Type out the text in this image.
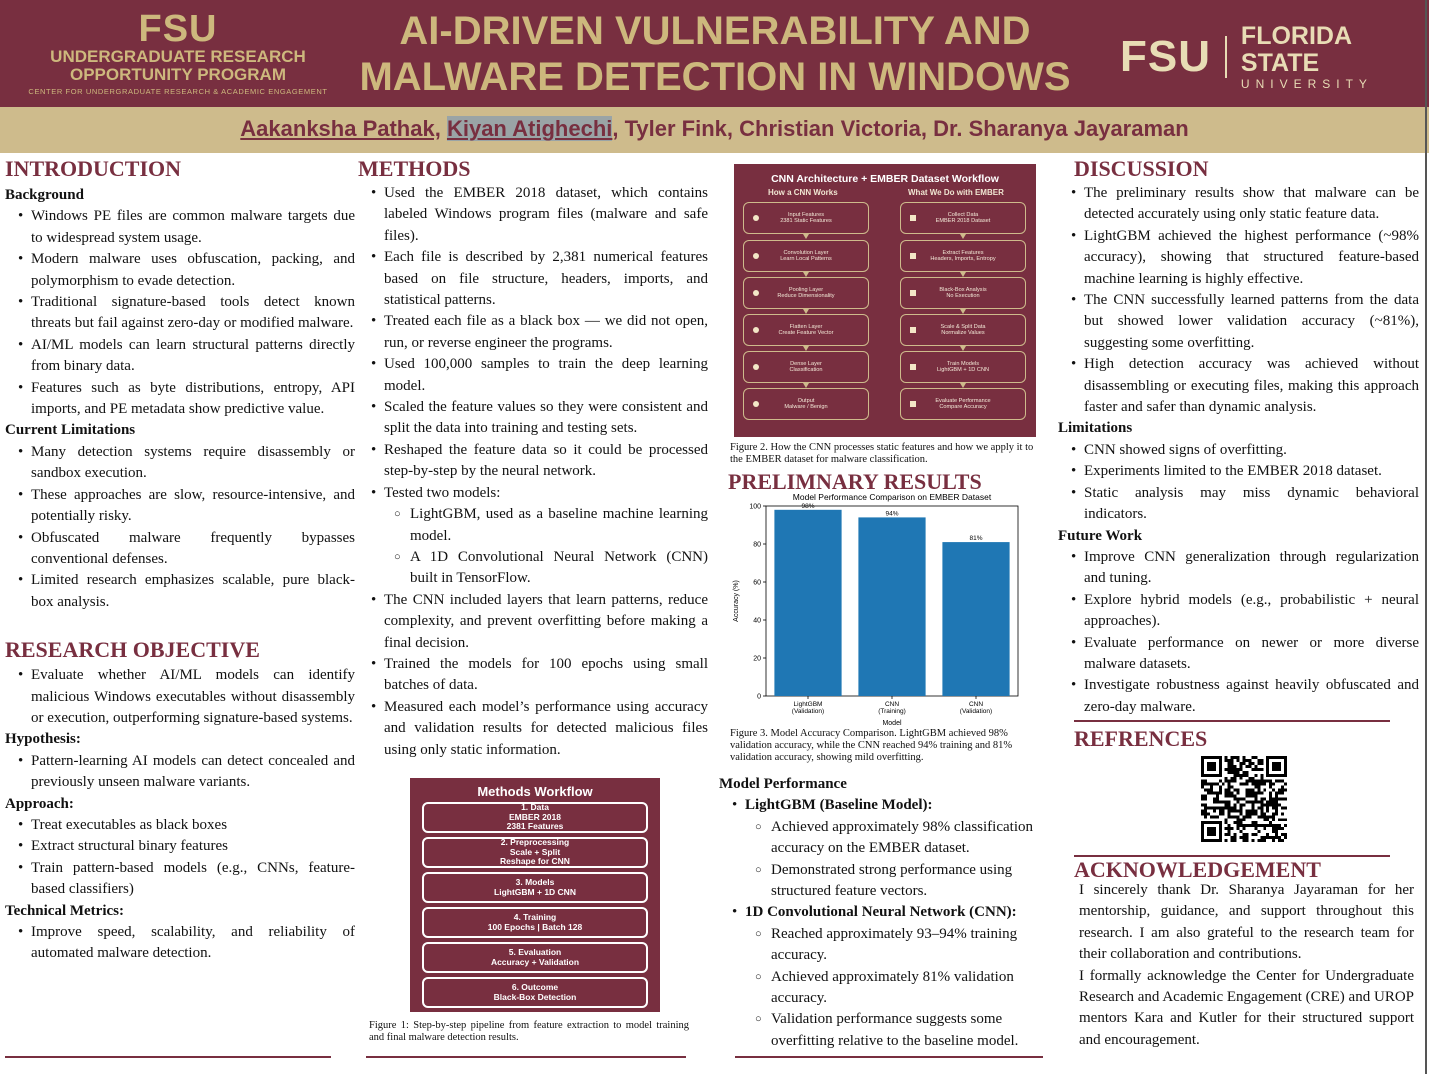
FSU
UNDERGRADUATE RESEARCH
OPPORTUNITY PROGRAM
CENTER FOR UNDERGRADUATE RESEARCH & ACADEMIC ENGAGEMENT
AI-DRIVEN VULNERABILITY AND
MALWARE DETECTION IN WINDOWS	FSU FLORIDA STATE
UNIVERSITY
Aakanksha Pathak, Kiyan Atighechi, Tyler Fink, Christian Victoria, Dr. Sharanya Jayaraman
INTRODUCTION
Background
• Windows PE files are common malware targets due to widespread system usage.
• Modern malware uses obfuscation, packing, and polymorphism to evade detection.
• Traditional signature-based tools detect known threats but fail against zero-day or modified malware.
• AI/ML models can learn structural patterns directly from binary data.
• Features such as byte distributions, entropy, API imports, and PE metadata show predictive value.
Current Limitations
• Many detection systems require disassembly or sandbox execution.
• These approaches are slow, resource-intensive, and potentially risky.
• Obfuscated malware frequently bypasses conventional defenses.
• Limited research emphasizes scalable, pure black-box analysis.
RESEARCH OBJECTIVE
• Evaluate whether AI/ML models can identify malicious Windows executables without disassembly or execution, outperforming signature-based systems.
Hypothesis:
• Pattern-learning AI models can detect concealed and previously unseen malware variants.
Approach:
• Treat executables as black boxes
• Extract structural binary features
• Train pattern-based models (e.g., CNNs, feature-based classifiers)
Technical Metrics:
• Improve speed, scalability, and reliability of automated malware detection.
METHODS
• Used the EMBER 2018 dataset, which contains labeled Windows program files (malware and safe files).
• Each file is described by 2,381 numerical features based on file structure, headers, imports, and statistical patterns.
• Treated each file as a black box — we did not open, run, or reverse engineer the programs.
• Used 100,000 samples to train the deep learning model.
• Scaled the feature values so they were consistent and split the data into training and testing sets.
• Reshaped the feature data so it could be processed step-by-step by the neural network.
• Tested two models:
○ LightGBM, used as a baseline machine learning model.
○ A 1D Convolutional Neural Network (CNN) built in TensorFlow.
• The CNN included layers that learn patterns, reduce complexity, and prevent overfitting before making a final decision.
• Trained the models for 100 epochs using small batches of data.
• Measured each model’s performance using accuracy and validation results for detected malicious files using only static information.
Methods Workflow
1. Data
EMBER 2018
2381 Features
2. Preprocessing
Scale + Split
Reshape for CNN
3. Models
LightGBM + 1D CNN
4. Training
100 Epochs | Batch 128
5. Evaluation
Accuracy + Validation
6. Outcome
Black-Box Detection
Figure 1: Step-by-step pipeline from feature extraction to model training and final malware detection results.
CNN Architecture + EMBER Dataset Workflow
How a CNN Works	What We Do with EMBER
Input Features
2381 Static Features
Convolution Layer
Learn Local Patterns
Pooling Layer
Reduce Dimensionality
Flatten Layer
Create Feature Vector
Dense Layer
Classification
Output
Malware / Benign
Collect Data
EMBER 2018 Dataset
Extract Features
Headers, Imports, Entropy
Black-Box Analysis
No Execution
Scale & Split Data
Normalize Values
Train Models
LightGBM + 1D CNN
Evaluate Performance
Compare Accuracy
Figure 2. How the CNN processes static features and how we apply it to the EMBER dataset for malware classification.
PRELIMNARY RESULTS
Model Performance Comparison on EMBER Dataset
0
20
40
60
80
100	98%
LightGBM (Validation)
94%
CNN (Training)
81%
CNN (Validation)
Model
Accuracy (%)
Figure 3. Model Accuracy Comparison. LightGBM achieved 98% validation accuracy, while the CNN reached 94% training and 81% validation accuracy, showing mild overfitting.
Model Performance
• LightGBM (Baseline Model):
○ Achieved approximately 98% classification accuracy on the EMBER dataset.
○ Demonstrated strong performance using structured feature vectors.
• 1D Convolutional Neural Network (CNN):
○ Reached approximately 93–94% training accuracy.
○ Achieved approximately 81% validation accuracy.
○ Validation performance suggests some overfitting relative to the baseline model.
DISCUSSION
• The preliminary results show that malware can be detected accurately using only static feature data.
• LightGBM achieved the highest performance (~98% accuracy), showing that structured feature-based machine learning is highly effective.
• The CNN successfully learned patterns from the data but showed lower validation accuracy (~81%), suggesting some overfitting.
• High detection accuracy was achieved without disassembling or executing files, making this approach faster and safer than dynamic analysis.
Limitations
• CNN showed signs of overfitting.
• Experiments limited to the EMBER 2018 dataset.
• Static analysis may miss dynamic behavioral indicators.
Future Work
• Improve CNN generalization through regularization and tuning.
• Explore hybrid models (e.g., probabilistic + neural approaches).
• Evaluate performance on newer or more diverse malware datasets.
• Investigate robustness against heavily obfuscated and zero-day malware.
REFRENCES
ACKNOWLEDGEMENT
I sincerely thank Dr. Sharanya Jayaraman for her mentorship, guidance, and support throughout this research. I am also grateful to the research team for their collaboration and contributions.
I formally acknowledge the Center for Undergraduate Research and Academic Engagement (CRE) and UROP mentors Kara and Kutler for their structured support and encouragement.
